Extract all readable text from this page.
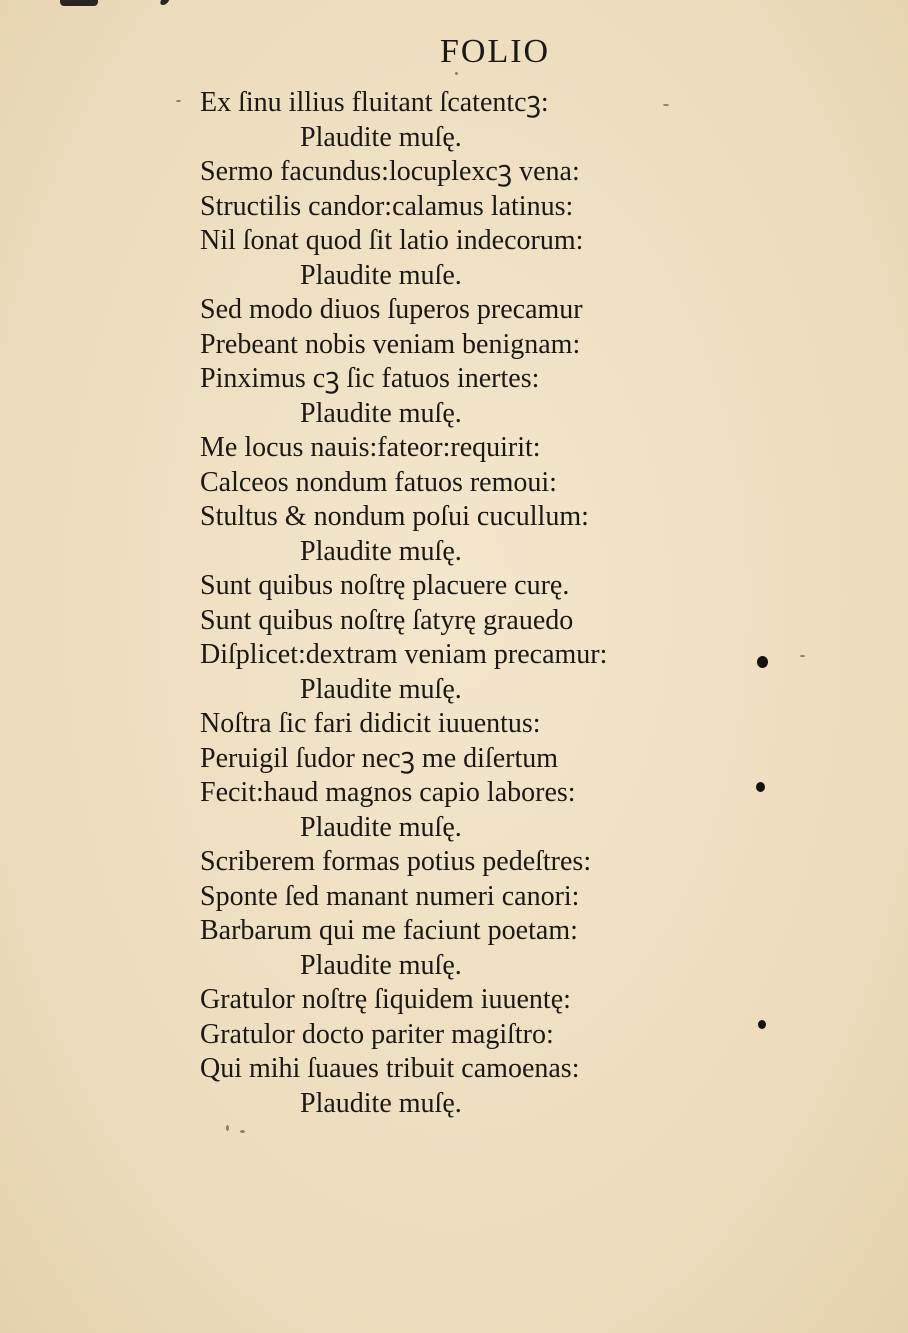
FOLIO
Ex ſinu illius fluitant ſcatentcꝫ:
Plaudite muſę.
Sermo facundus:locuplexcꝫ vena:
Structilis candor:calamus latinus:
Nil ſonat quod ſit latio indecorum:
Plaudite muſe.
Sed modo diuos ſuperos precamur
Prebeant nobis veniam benignam:
Pinximus cꝫ ſic fatuos inertes:
Plaudite muſę.
Me locus nauis:fateor:requirit:
Calceos nondum fatuos remoui:
Stultus & nondum poſui cucullum:
Plaudite muſę.
Sunt quibus noſtrę placuere curę.
Sunt quibus noſtrę ſatyrę grauedo
Diſplicet:dextram veniam precamur:
Plaudite muſę.
Noſtra ſic fari didicit iuuentus:
Peruigil ſudor necꝫ me diſertum
Fecit:haud magnos capio labores:
Plaudite muſę.
Scriberem formas potius pedeſtres:
Sponte ſed manant numeri canori:
Barbarum qui me faciunt poetam:
Plaudite muſę.
Gratulor noſtrę ſiquidem iuuentę:
Gratulor docto pariter magiſtro:
Qui mihi ſuaues tribuit camoenas:
Plaudite muſę.
